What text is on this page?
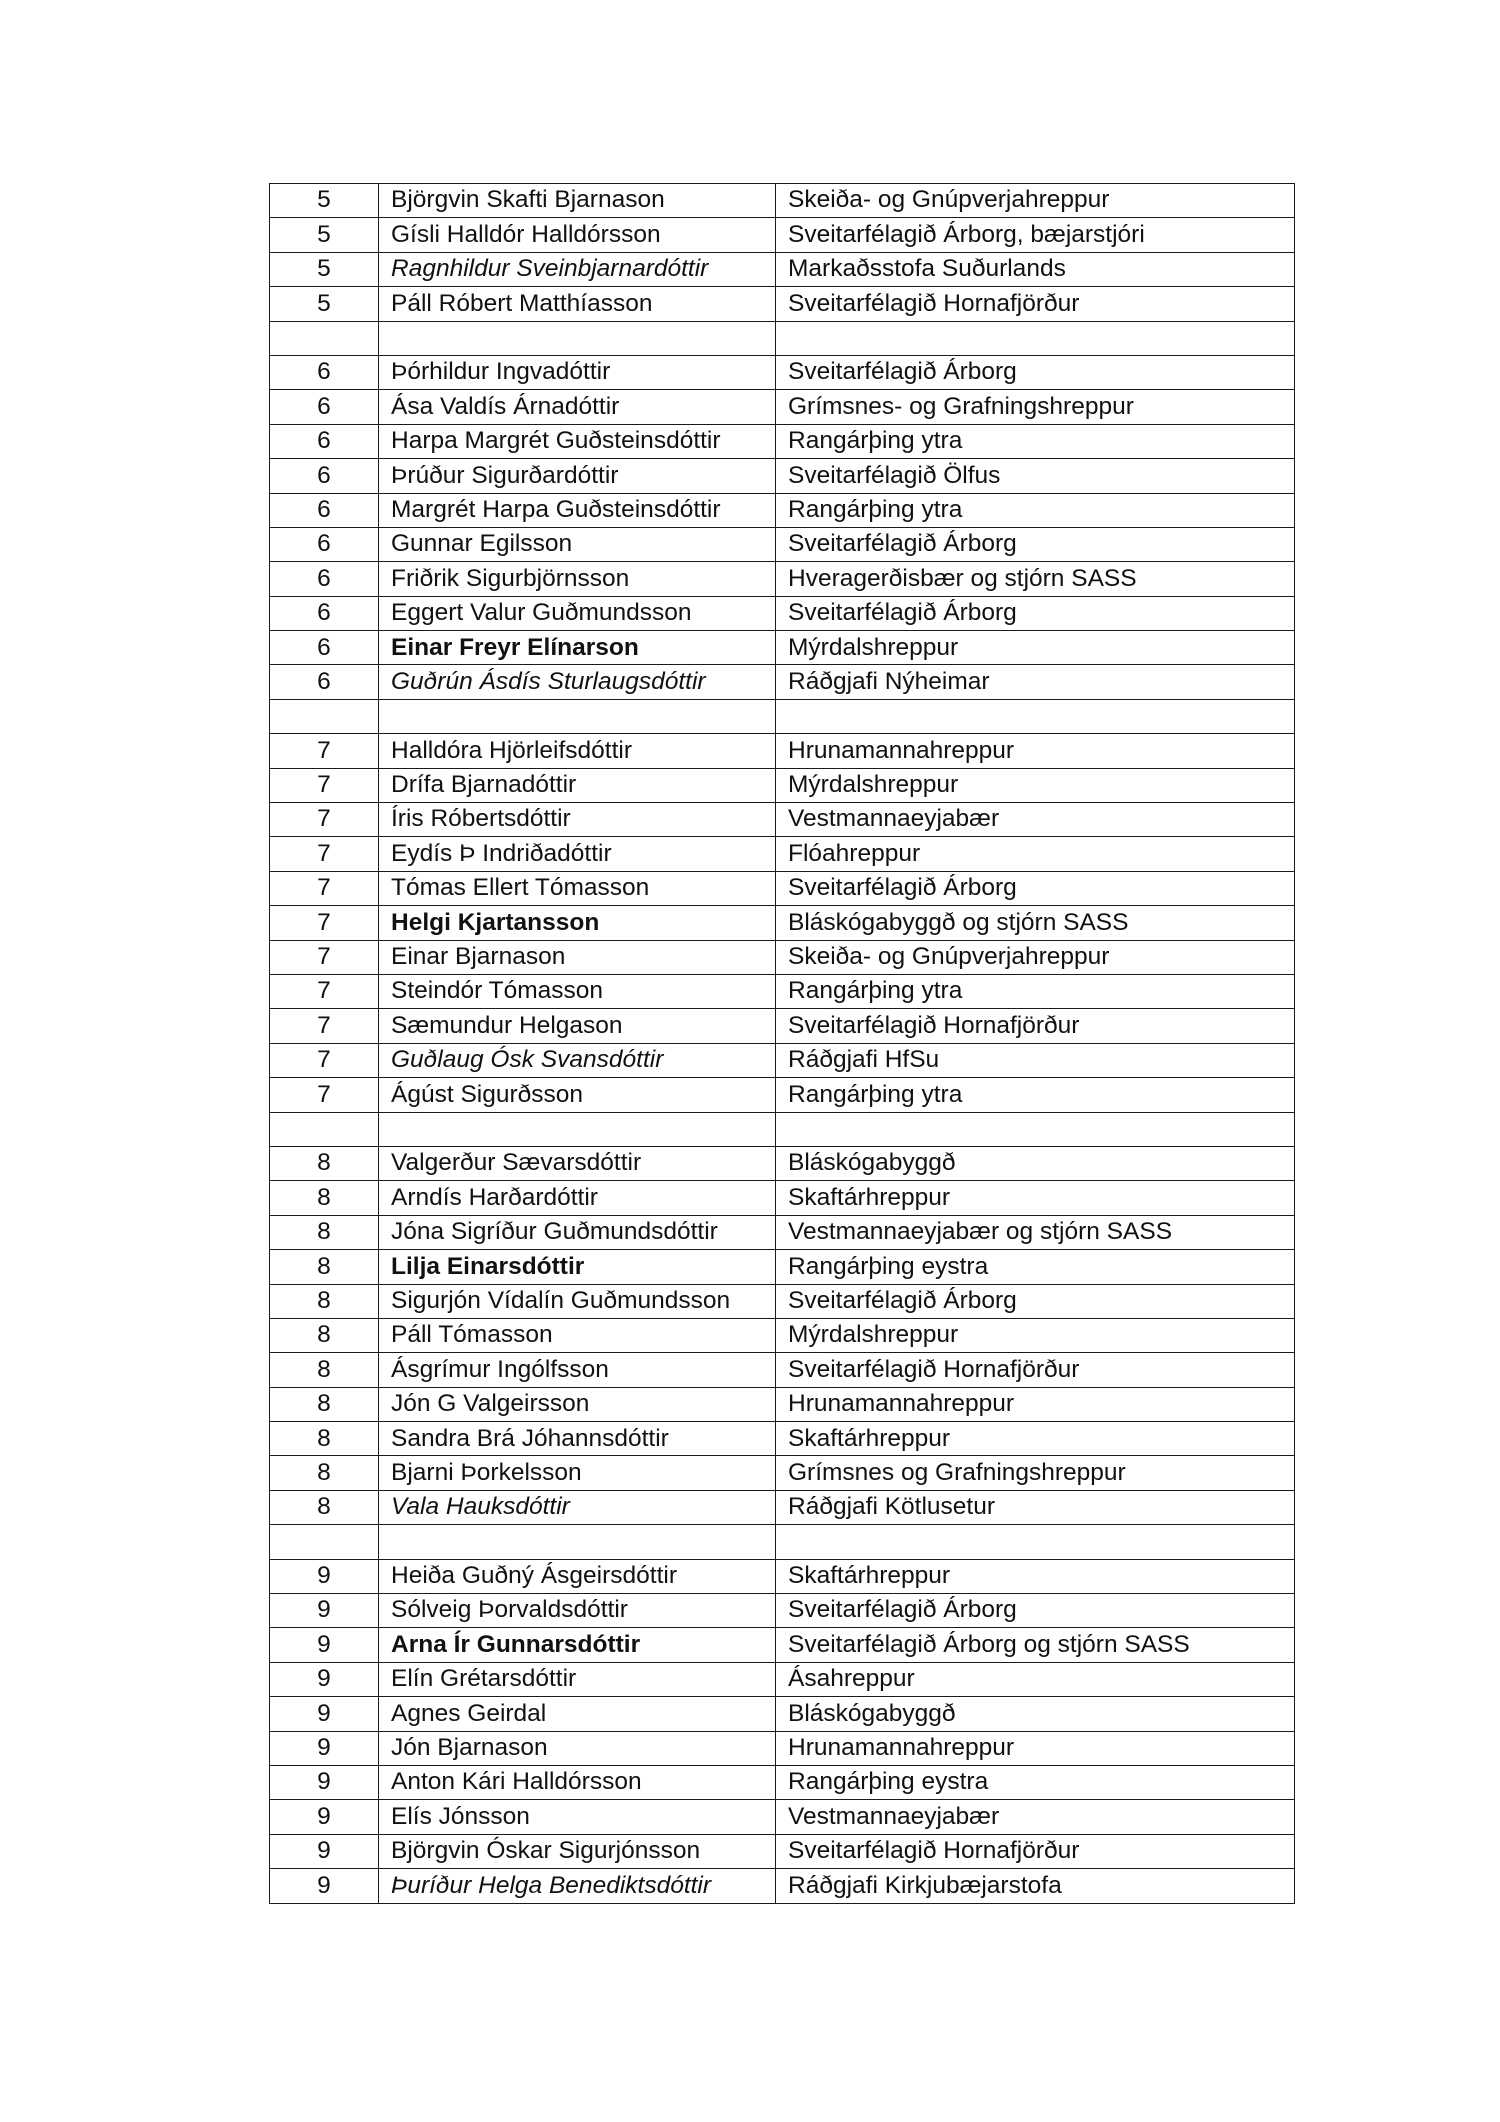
5	Björgvin Skafti Bjarnason	Skeiða- og Gnúpverjahreppur
5	Gísli Halldór Halldórsson	Sveitarfélagið Árborg, bæjarstjóri
5	Ragnhildur Sveinbjarnardóttir	Markaðsstofa Suðurlands
5	Páll Róbert Matthíasson	Sveitarfélagið Hornafjörður

6	Þórhildur Ingvadóttir	Sveitarfélagið Árborg
6	Ása Valdís Árnadóttir	Grímsnes- og Grafningshreppur
6	Harpa Margrét Guðsteinsdóttir	Rangárþing ytra
6	Þrúður Sigurðardóttir	Sveitarfélagið Ölfus
6	Margrét Harpa Guðsteinsdóttir	Rangárþing ytra
6	Gunnar Egilsson	Sveitarfélagið Árborg
6	Friðrik Sigurbjörnsson	Hveragerðisbær og stjórn SASS
6	Eggert Valur Guðmundsson	Sveitarfélagið Árborg
6	Einar Freyr Elínarson	Mýrdalshreppur
6	Guðrún Ásdís Sturlaugsdóttir	Ráðgjafi Nýheimar

7	Halldóra Hjörleifsdóttir	Hrunamannahreppur
7	Drífa Bjarnadóttir	Mýrdalshreppur
7	Íris Róbertsdóttir	Vestmannaeyjabær
7	Eydís Þ Indriðadóttir	Flóahreppur
7	Tómas Ellert Tómasson	Sveitarfélagið Árborg
7	Helgi Kjartansson	Bláskógabyggð og stjórn SASS
7	Einar Bjarnason	Skeiða- og Gnúpverjahreppur
7	Steindór Tómasson	Rangárþing ytra
7	Sæmundur Helgason	Sveitarfélagið Hornafjörður
7	Guðlaug Ósk Svansdóttir	Ráðgjafi HfSu
7	Ágúst Sigurðsson	Rangárþing ytra

8	Valgerður Sævarsdóttir	Bláskógabyggð
8	Arndís Harðardóttir	Skaftárhreppur
8	Jóna Sigríður Guðmundsdóttir	Vestmannaeyjabær og stjórn SASS
8	Lilja Einarsdóttir	Rangárþing eystra
8	Sigurjón Vídalín Guðmundsson	Sveitarfélagið Árborg
8	Páll Tómasson	Mýrdalshreppur
8	Ásgrímur Ingólfsson	Sveitarfélagið Hornafjörður
8	Jón G Valgeirsson	Hrunamannahreppur
8	Sandra Brá Jóhannsdóttir	Skaftárhreppur
8	Bjarni Þorkelsson	Grímsnes og Grafningshreppur
8	Vala Hauksdóttir	Ráðgjafi Kötlusetur

9	Heiða Guðný Ásgeirsdóttir	Skaftárhreppur
9	Sólveig Þorvaldsdóttir	Sveitarfélagið Árborg
9	Arna Ír Gunnarsdóttir	Sveitarfélagið Árborg og stjórn SASS
9	Elín Grétarsdóttir	Ásahreppur
9	Agnes Geirdal	Bláskógabyggð
9	Jón Bjarnason	Hrunamannahreppur
9	Anton Kári Halldórsson	Rangárþing eystra
9	Elís Jónsson	Vestmannaeyjabær
9	Björgvin Óskar Sigurjónsson	Sveitarfélagið Hornafjörður
9	Þuríður Helga Benediktsdóttir	Ráðgjafi Kirkjubæjarstofa
